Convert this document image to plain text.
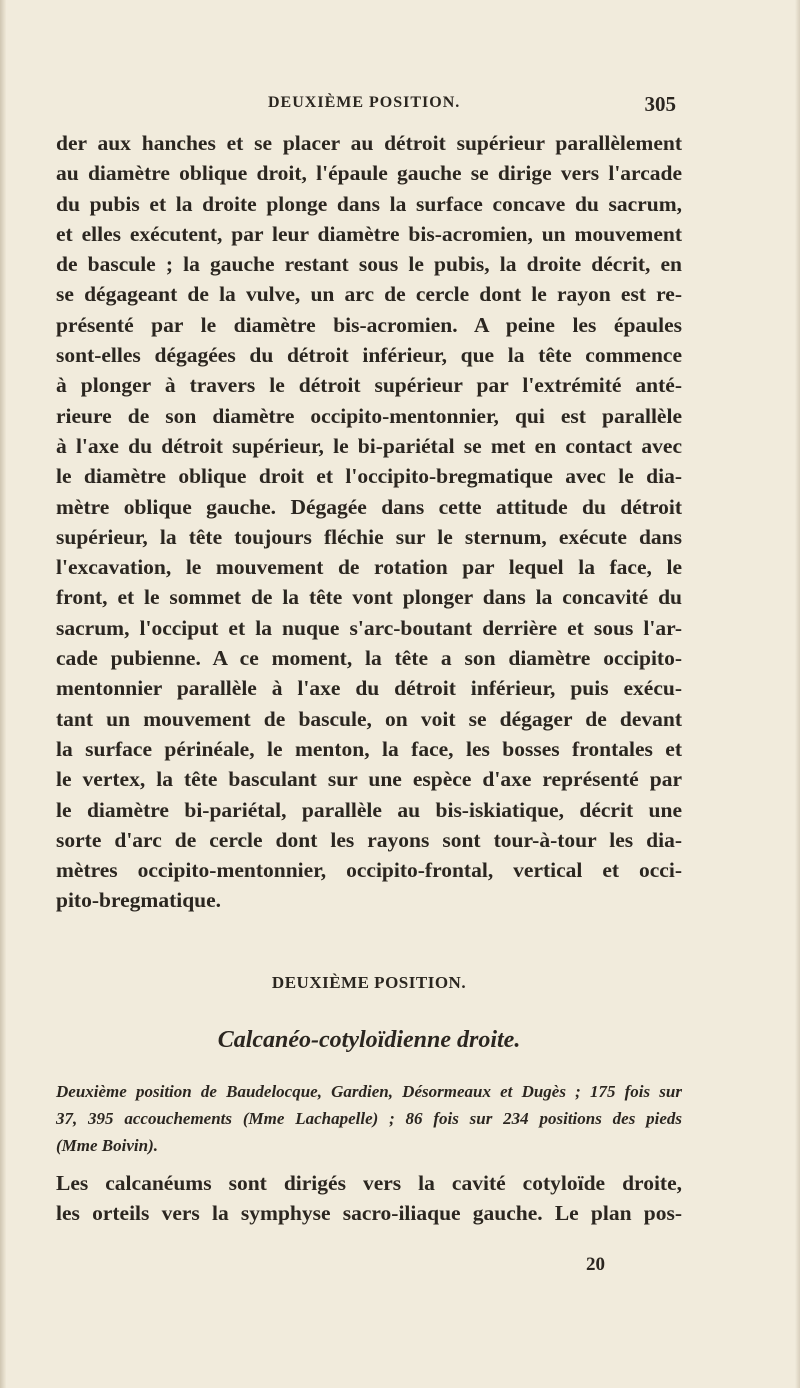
DEUXIÈME POSITION.	305
der aux hanches et se placer au détroit supérieur parallèlement
au diamètre oblique droit, l'épaule gauche se dirige vers l'arcade
du pubis et la droite plonge dans la surface concave du sacrum,
et elles exécutent, par leur diamètre bis-acromien, un mouvement
de bascule ; la gauche restant sous le pubis, la droite décrit, en
se dégageant de la vulve, un arc de cercle dont le rayon est re-
présenté par le diamètre bis-acromien. A peine les épaules
sont-elles dégagées du détroit inférieur, que la tête commence
à plonger à travers le détroit supérieur par l'extrémité anté-
rieure de son diamètre occipito-mentonnier, qui est parallèle
à l'axe du détroit supérieur, le bi-pariétal se met en contact avec
le diamètre oblique droit et l'occipito-bregmatique avec le dia-
mètre oblique gauche. Dégagée dans cette attitude du détroit
supérieur, la tête toujours fléchie sur le sternum, exécute dans
l'excavation, le mouvement de rotation par lequel la face, le
front, et le sommet de la tête vont plonger dans la concavité du
sacrum, l'occiput et la nuque s'arc-boutant derrière et sous l'ar-
cade pubienne. A ce moment, la tête a son diamètre occipito-
mentonnier parallèle à l'axe du détroit inférieur, puis exécu-
tant un mouvement de bascule, on voit se dégager de devant
la surface périnéale, le menton, la face, les bosses frontales et
le vertex, la tête basculant sur une espèce d'axe représenté par
le diamètre bi-pariétal, parallèle au bis-iskiatique, décrit une
sorte d'arc de cercle dont les rayons sont tour-à-tour les dia-
mètres occipito-mentonnier, occipito-frontal, vertical et occi-
pito-bregmatique.
DEUXIÈME POSITION.
Calcanéo-cotyloïdienne droite.
Deuxième position de Baudelocque, Gardien, Désormeaux et Dugès ; 175 fois sur
37, 395 accouchements (Mme Lachapelle) ; 86 fois sur 234 positions des pieds
(Mme Boivin).
Les calcanéums sont dirigés vers la cavité cotyloïde droite,
les orteils vers la symphyse sacro-iliaque gauche. Le plan pos-
20
